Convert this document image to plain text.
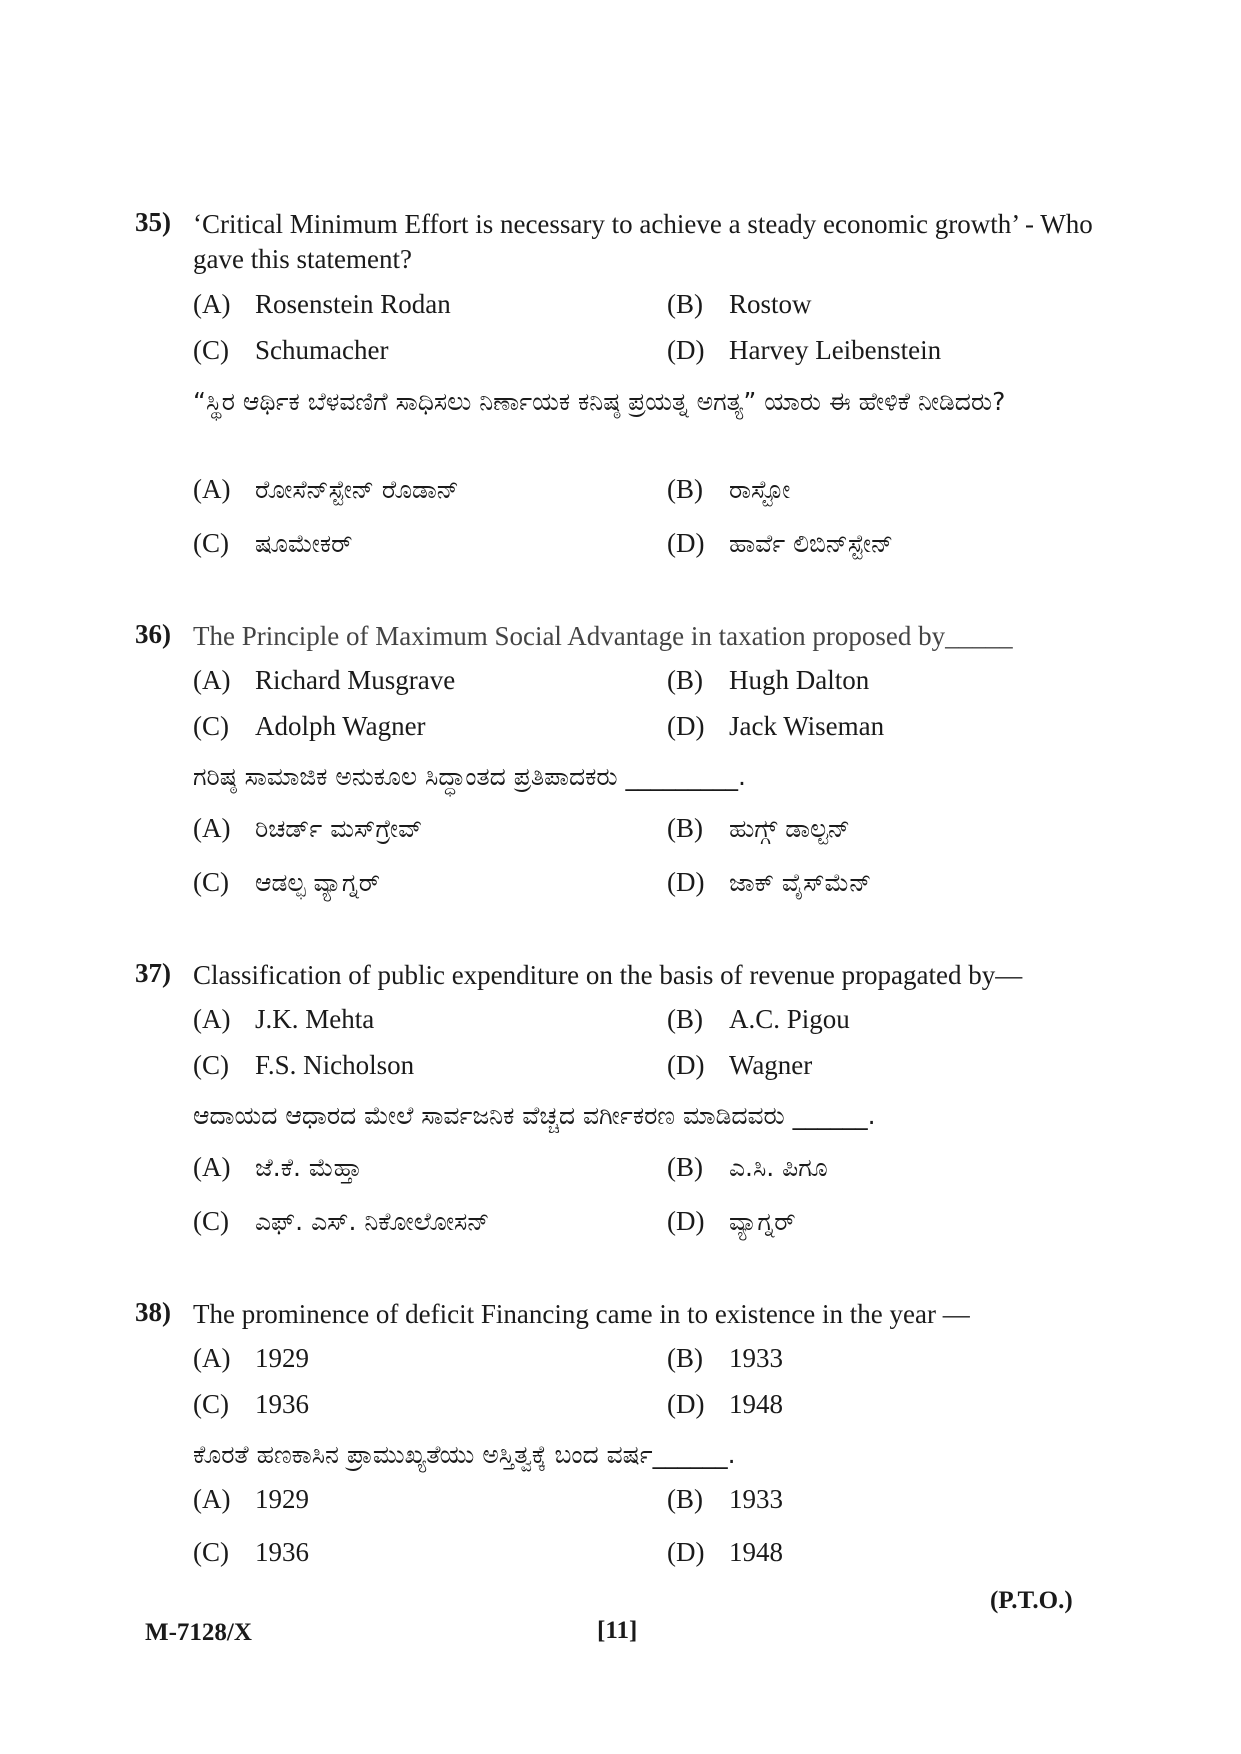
35) ‘Critical Minimum Effort is necessary to achieve a steady economic growth’ - Who gave this statement?
(A) Rosenstein Rodan	(B) Rostow
(C) Schumacher	(D) Harvey Leibenstein
“ಸ್ಥಿರ ಆರ್ಥಿಕ ಬೆಳವಣಿಗೆ ಸಾಧಿಸಲು ನಿರ್ಣಾಯಕ ಕನಿಷ್ಠ ಪ್ರಯತ್ನ ಅಗತ್ಯ” ಯಾರು ಈ ಹೇಳಿಕೆ ನೀಡಿದರು?
(A) ರೋಸೆನ್‌ಸ್ಟೇನ್ ರೊಡಾನ್	(B) ರಾಸ್ಟೋ
(C) ಷೂಮೇಕರ್	(D) ಹಾರ್ವೆ ಲಿಬಿನ್‌ಸ್ಟೇನ್
36) The Principle of Maximum Social Advantage in taxation proposed by_____
(A) Richard Musgrave	(B) Hugh Dalton
(C) Adolph Wagner	(D) Jack Wiseman
ಗರಿಷ್ಠ ಸಾಮಾಜಿಕ ಅನುಕೂಲ ಸಿದ್ಧಾಂತದ ಪ್ರತಿಪಾದಕರು _________.
(A) ರಿಚರ್ಡ್ ಮಸ್‌ಗ್ರೇವ್	(B) ಹುಗ್ಗ್ ಡಾಲ್ಟನ್
(C) ಆಡಲ್ಫ ವ್ಯಾಗ್ನರ್	(D) ಜಾಕ್ ವೈಸ್‌ಮೆನ್
37) Classification of public expenditure on the basis of revenue propagated by—
(A) J.K. Mehta	(B) A.C. Pigou
(C) F.S. Nicholson	(D) Wagner
ಆದಾಯದ ಆಧಾರದ ಮೇಲೆ ಸಾರ್ವಜನಿಕ ವೆಚ್ಚದ ವರ್ಗೀಕರಣ ಮಾಡಿದವರು ______.
(A) ಜೆ.ಕೆ. ಮೆಹ್ತಾ	(B) ಎ.ಸಿ. ಪಿಗೂ
(C) ಎಫ್. ಎಸ್. ನಿಕೋಲೋಸನ್	(D) ವ್ಯಾಗ್ನರ್
38) The prominence of deficit Financing came in to existence in the year —
(A) 1929	(B) 1933
(C) 1936	(D) 1948
ಕೊರತೆ ಹಣಕಾಸಿನ ಪ್ರಾಮುಖ್ಯತೆಯು ಅಸ್ತಿತ್ವಕ್ಕೆ ಬಂದ ವರ್ಷ______.
(A) 1929	(B) 1933
(C) 1936	(D) 1948
(P.T.O.)
M-7128/X	[11]
